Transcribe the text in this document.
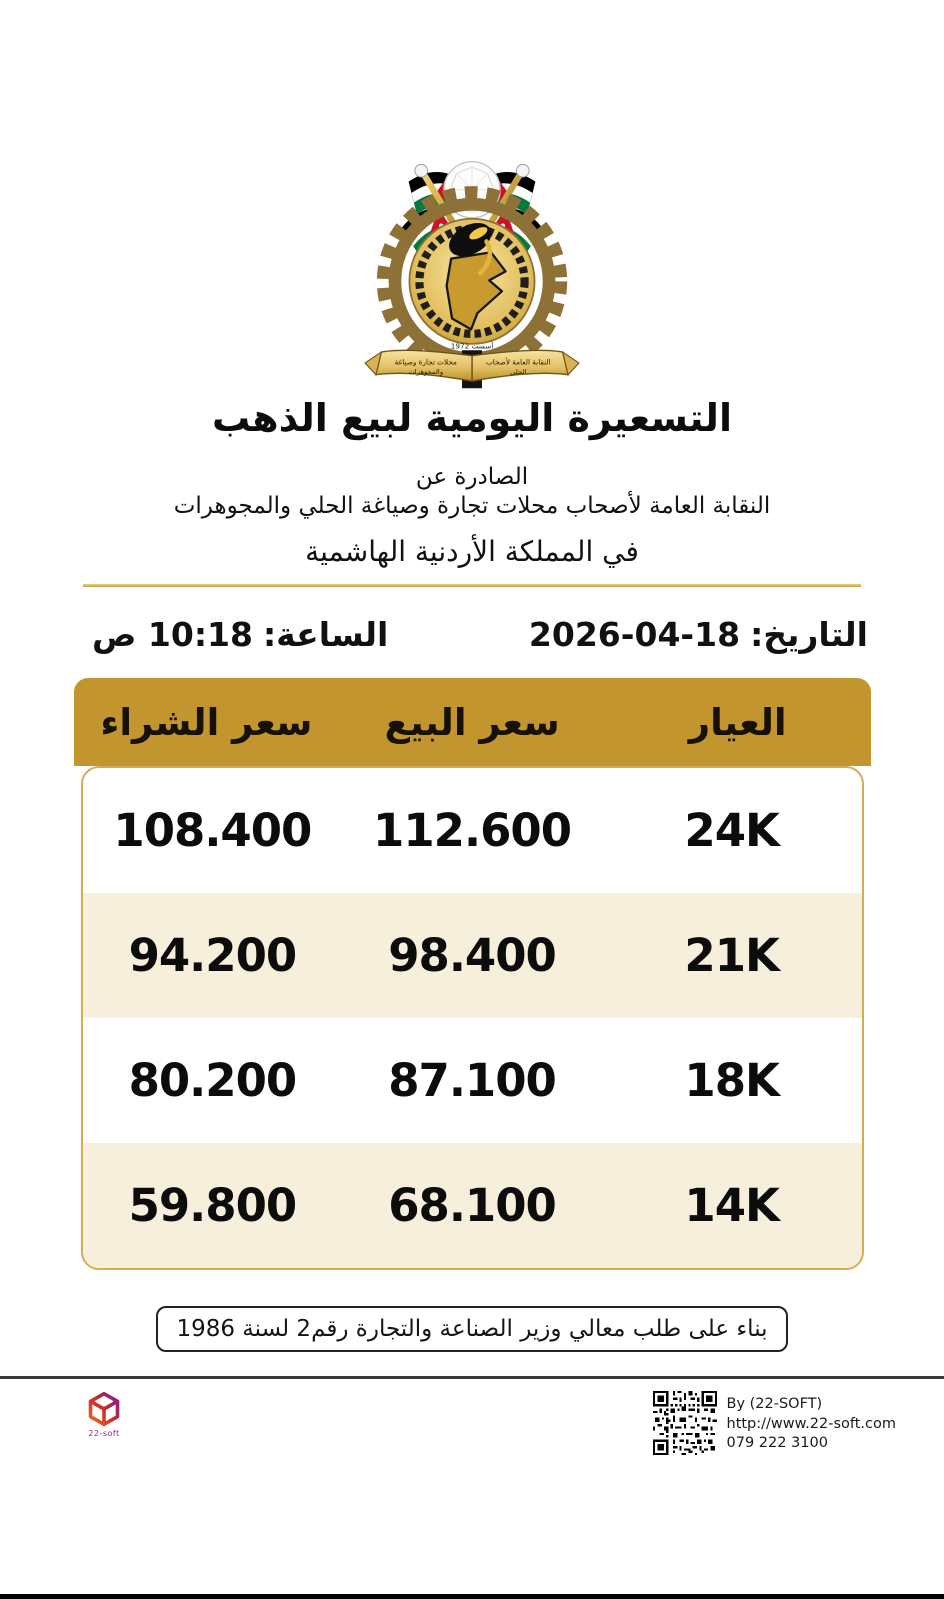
أسست 1972
النقابة العامة لأصحاب
الحلي
محلات تجارة وصياغة
والمجوهرات
التسعيرة اليومية لبيع الذهب
الصادرة عن
النقابة العامة لأصحاب محلات تجارة وصياغة الحلي والمجوهرات
في المملكة الأردنية الهاشمية
التاريخ:18-04-2026
الساعة:10:18 ص
العيار
سعر البيع
سعر الشراء
24K
112.600
108.400
21K
98.400
94.200
18K
87.100
80.200
14K
68.100
59.800
بناء على طلب معالي وزير الصناعة والتجارة رقم2 لسنة 1986
22-soft
By (22-SOFT)
http://www.22-soft.com
079 222 3100
